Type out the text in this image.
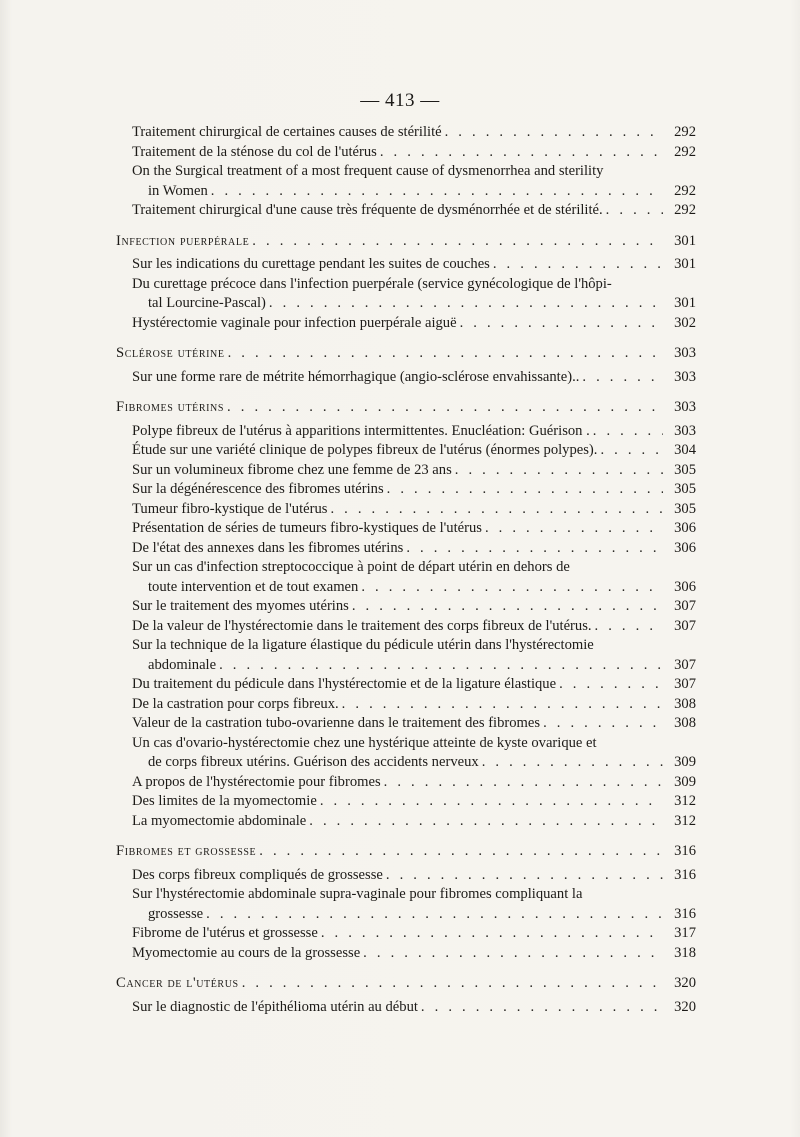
— 413 —
Traitement chirurgical de certaines causes de stérilité . . .	292
Traitement de la sténose du col de l'utérus . . .	292
On the Surgical treatment of a most frequent cause of dysmenorrhea and sterility
in Women . . .	292
Traitement chirurgical d'une cause très fréquente de dysménorrhée et de stérilité. . . .	292
Infection puerpérale . . .	301
Sur les indications du curettage pendant les suites de couches . . .	301
Du curettage précoce dans l'infection puerpérale (service gynécologique de l'hôpi-
tal Lourcine-Pascal) . . .	301
Hystérectomie vaginale pour infection puerpérale aiguë . . .	302
Sclérose utérine . . .	303
Sur une forme rare de métrite hémorrhagique (angio-sclérose envahissante).. . . .	303
Fibromes utérins . . .	303
Polype fibreux de l'utérus à apparitions intermittentes. Enucléation: Guérison . . . .	303
Étude sur une variété clinique de polypes fibreux de l'utérus (énormes polypes). . . .	304
Sur un volumineux fibrome chez une femme de 23 ans . . .	305
Sur la dégénérescence des fibromes utérins . . .	305
Tumeur fibro-kystique de l'utérus . . .	305
Présentation de séries de tumeurs fibro-kystiques de l'utérus . . .	306
De l'état des annexes dans les fibromes utérins . . .	306
Sur un cas d'infection streptococcique à point de départ utérin en dehors de
toute intervention et de tout examen . . .	306
Sur le traitement des myomes utérins . . .	307
De la valeur de l'hystérectomie dans le traitement des corps fibreux de l'utérus. . . .	307
Sur la technique de la ligature élastique du pédicule utérin dans l'hystérectomie
abdominale . . .	307
Du traitement du pédicule dans l'hystérectomie et de la ligature élastique . . .	307
De la castration pour corps fibreux. . . .	308
Valeur de la castration tubo-ovarienne dans le traitement des fibromes . . .	308
Un cas d'ovario-hystérectomie chez une hystérique atteinte de kyste ovarique et
de corps fibreux utérins. Guérison des accidents nerveux . . .	309
A propos de l'hystérectomie pour fibromes . . .	309
Des limites de la myomectomie . . .	312
La myomectomie abdominale . . .	312
Fibromes et grossesse . . .	316
Des corps fibreux compliqués de grossesse . . .	316
Sur l'hystérectomie abdominale supra-vaginale pour fibromes compliquant la
grossesse . . .	316
Fibrome de l'utérus et grossesse . . .	317
Myomectomie au cours de la grossesse . . .	318
Cancer de l'utérus . . .	320
Sur le diagnostic de l'épithélioma utérin au début . . .	320
